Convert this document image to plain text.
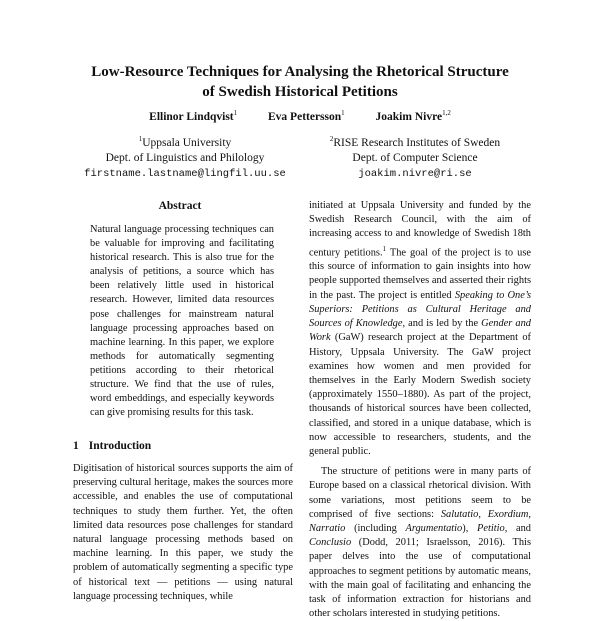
Low-Resource Techniques for Analysing the Rhetorical Structure
of Swedish Historical Petitions
Ellinor Lindqvist$^1$	Eva Pettersson$^1$	Joakim Nivre$^{1,2}$
$^1$Uppsala University
Dept. of Linguistics and Philology
firstname.lastname@lingfil.uu.se
$^2$RISE Research Institutes of Sweden
Dept. of Computer Science
joakim.nivre@ri.se
Abstract
Natural language processing techniques can be valuable for improving and facilitating historical research. This is also true for the analysis of petitions, a source which has been relatively little used in historical research. However, limited data resources pose challenges for mainstream natural language processing approaches based on machine learning. In this paper, we explore methods for automatically segmenting petitions according to their rhetorical structure. We find that the use of rules, word embeddings, and especially keywords can give promising results for this task.
1 Introduction
Digitisation of historical sources supports the aim of preserving cultural heritage, makes the sources more accessible, and enables the use of computational techniques to study them further. Yet, the often limited data resources pose challenges for standard natural language processing methods based on machine learning. In this paper, we study the problem of automatically segmenting a specific type of historical text — petitions — using natural language processing techniques, while

initiated at Uppsala University and funded by the Swedish Research Council, with the aim of increasing access to and knowledge of Swedish 18th century petitions.$^1$ The goal of the project is to use this source of information to gain insights into how people supported themselves and asserted their rights in the past. The project is entitled Speaking to One’s Superiors: Petitions as Cultural Heritage and Sources of Knowledge, and is led by the Gender and Work (GaW) research project at the Department of History, Uppsala University. The GaW project examines how women and men provided for themselves in the Early Modern Swedish society (approximately 1550–1880). As part of the project, thousands of historical sources have been collected, classified, and stored in a unique database, which is now accessible to researchers, students, and the general public.

The structure of petitions were in many parts of Europe based on a classical rhetorical division. With some variations, most petitions seem to be comprised of five sections: Salutatio, Exordium, Narratio (including Argumentatio), Petitio, and Conclusio (Dodd, 2011; Israelsson, 2016). This paper delves into the use of computational approaches to segment petitions by automatic means, with the main goal of facilitating and enhancing the task of information extraction for historians and other scholars interested in studying petitions.
